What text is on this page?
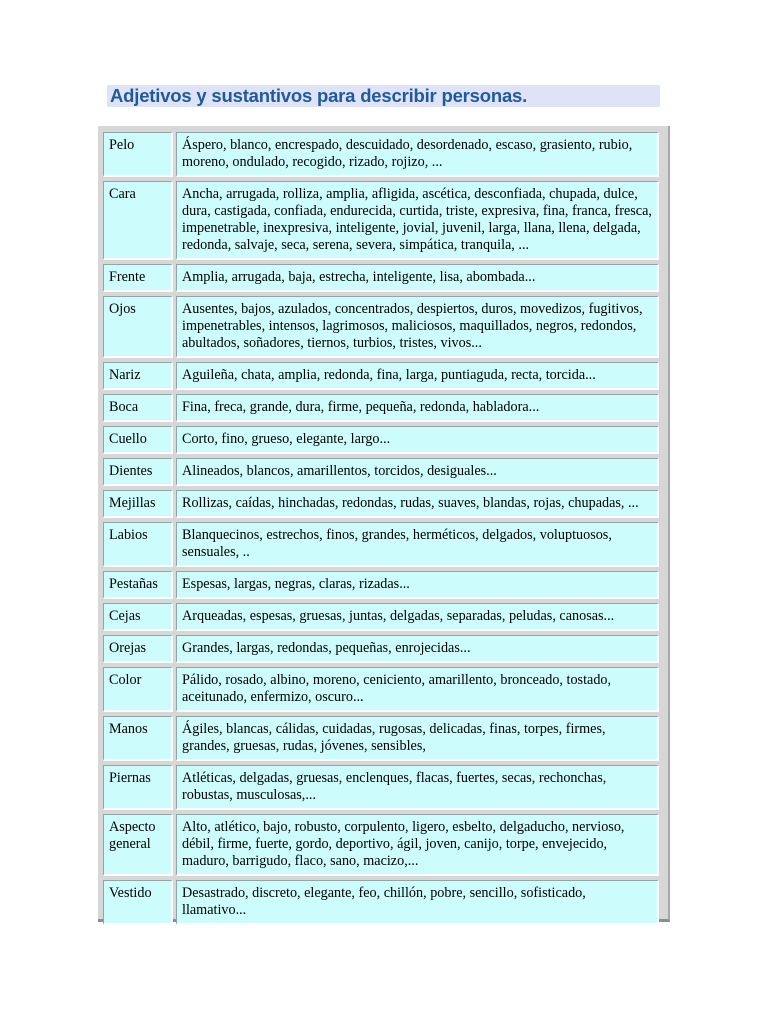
Adjetivos y sustantivos para describir personas.
Pelo	Áspero, blanco, encrespado, descuidado, desordenado, escaso, grasiento, rubio, moreno, ondulado, recogido, rizado, rojizo, ...
Cara	Ancha, arrugada, rolliza, amplia, afligida, ascética, desconfiada, chupada, dulce, dura, castigada, confiada, endurecida, curtida, triste, expresiva, fina, franca, fresca, impenetrable, inexpresiva, inteligente, jovial, juvenil, larga, llana, llena, delgada, redonda, salvaje, seca, serena, severa, simpática, tranquila, ...
Frente	Amplia, arrugada, baja, estrecha, inteligente, lisa, abombada...
Ojos	Ausentes, bajos, azulados, concentrados, despiertos, duros, movedizos, fugitivos, impenetrables, intensos, lagrimosos, maliciosos, maquillados, negros, redondos, abultados, soñadores, tiernos, turbios, tristes, vivos...
Nariz	Aguileña, chata, amplia, redonda, fina, larga, puntiaguda, recta, torcida...
Boca	Fina, freca, grande, dura, firme, pequeña, redonda, habladora...
Cuello	Corto, fino, grueso, elegante, largo...
Dientes	Alineados, blancos, amarillentos, torcidos, desiguales...
Mejillas	Rollizas, caídas, hinchadas, redondas, rudas, suaves, blandas, rojas, chupadas, ...
Labios	Blanquecinos, estrechos, finos, grandes, herméticos, delgados, voluptuosos, sensuales, ..
Pestañas	Espesas, largas, negras, claras, rizadas...
Cejas	Arqueadas, espesas, gruesas, juntas, delgadas, separadas, peludas, canosas...
Orejas	Grandes, largas, redondas, pequeñas, enrojecidas...
Color	Pálido, rosado, albino, moreno, ceniciento, amarillento, bronceado, tostado, aceitunado, enfermizo, oscuro...
Manos	Ágiles, blancas, cálidas, cuidadas, rugosas, delicadas, finas, torpes, firmes, grandes, gruesas, rudas, jóvenes, sensibles,
Piernas	Atléticas, delgadas, gruesas, enclenques, flacas, fuertes, secas, rechonchas, robustas, musculosas,...
Aspecto general	Alto, atlético, bajo, robusto, corpulento, ligero, esbelto, delgaducho, nervioso, débil, firme, fuerte, gordo, deportivo, ágil, joven, canijo, torpe, envejecido, maduro, barrigudo, flaco, sano, macizo,...
Vestido	Desastrado, discreto, elegante, feo, chillón, pobre, sencillo, sofisticado, llamativo...
